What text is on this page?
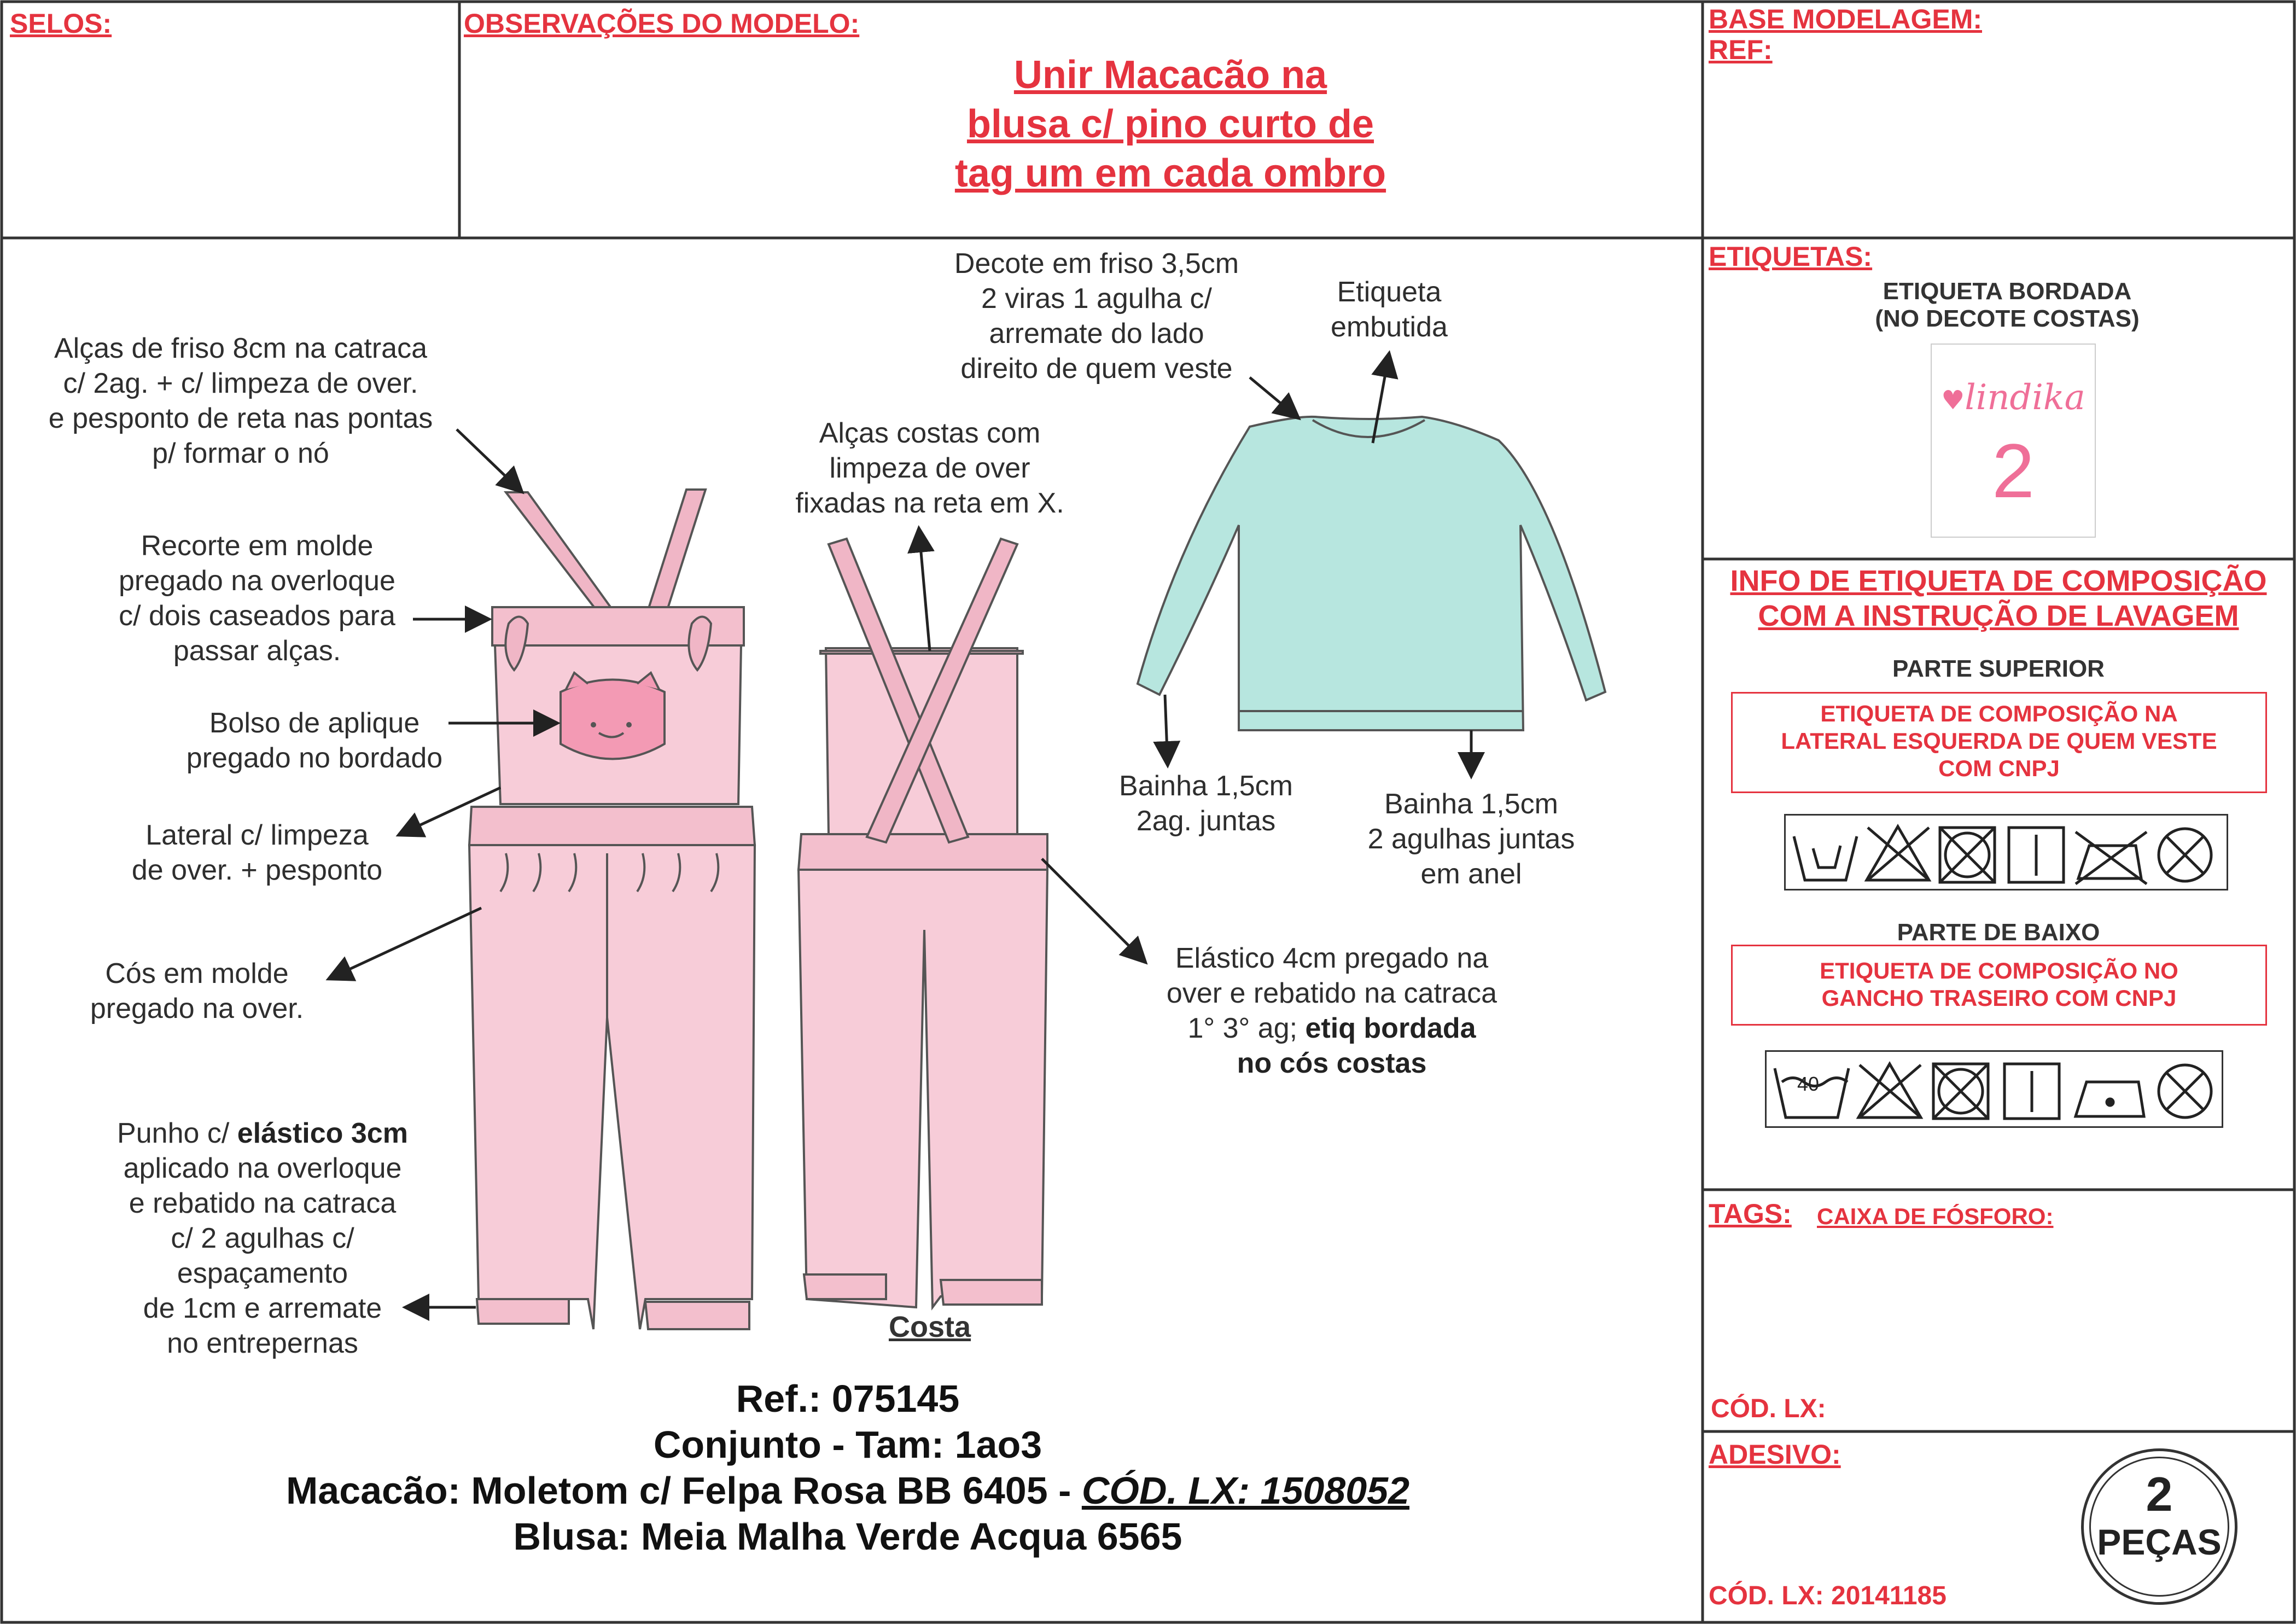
SELOS:	OBSERVAÇÕES DO MODELO:
Unir Macacão na
blusa c/ pino curto de
tag um em cada ombro
BASE MODELAGEM:
REF:
Alças de friso 8cm na catraca
c/ 2ag. + c/ limpeza de over.
e pesponto de reta nas pontas
p/ formar o nó
Recorte em molde
pregado na overloque
c/ dois caseados para
passar alças.
Bolso de aplique
pregado no bordado
Lateral c/ limpeza
de over. + pesponto
Cós em molde
pregado na over.
Punho c/ elástico 3cm
aplicado na overloque
e rebatido na catraca
c/ 2 agulhas c/
espaçamento
de 1cm e arremate
no entrepernas
Alças costas com
limpeza de over
fixadas na reta em X.
Decote em friso 3,5cm
2 viras 1 agulha c/
arremate do lado
direito de quem veste
Etiqueta
embutida
Bainha 1,5cm
2ag. juntas
Bainha 1,5cm
2 agulhas juntas
em anel
Elástico 4cm pregado na
over e rebatido na catraca
1° 3° ag; etiq bordada
no cós costas
Costa
Ref.: 075145
Conjunto - Tam: 1ao3
Macacão: Moletom c/ Felpa Rosa BB 6405 - CÓD. LX: 1508052
Blusa: Meia Malha Verde Acqua 6565
ETIQUETAS:
ETIQUETA BORDADA
(NO DECOTE COSTAS)
♥lindika
2
INFO DE ETIQUETA DE COMPOSIÇÃO
COM A INSTRUÇÃO DE LAVAGEM
PARTE SUPERIOR
ETIQUETA DE COMPOSIÇÃO NA
LATERAL ESQUERDA DE QUEM VESTE
COM CNPJ
PARTE DE BAIXO
ETIQUETA DE COMPOSIÇÃO NO
GANCHO TRASEIRO COM CNPJ
40
TAGS: CAIXA DE FÓSFORO:
CÓD. LX:
ADESIVO:
CÓD. LX: 20141185
2
PEÇAS
